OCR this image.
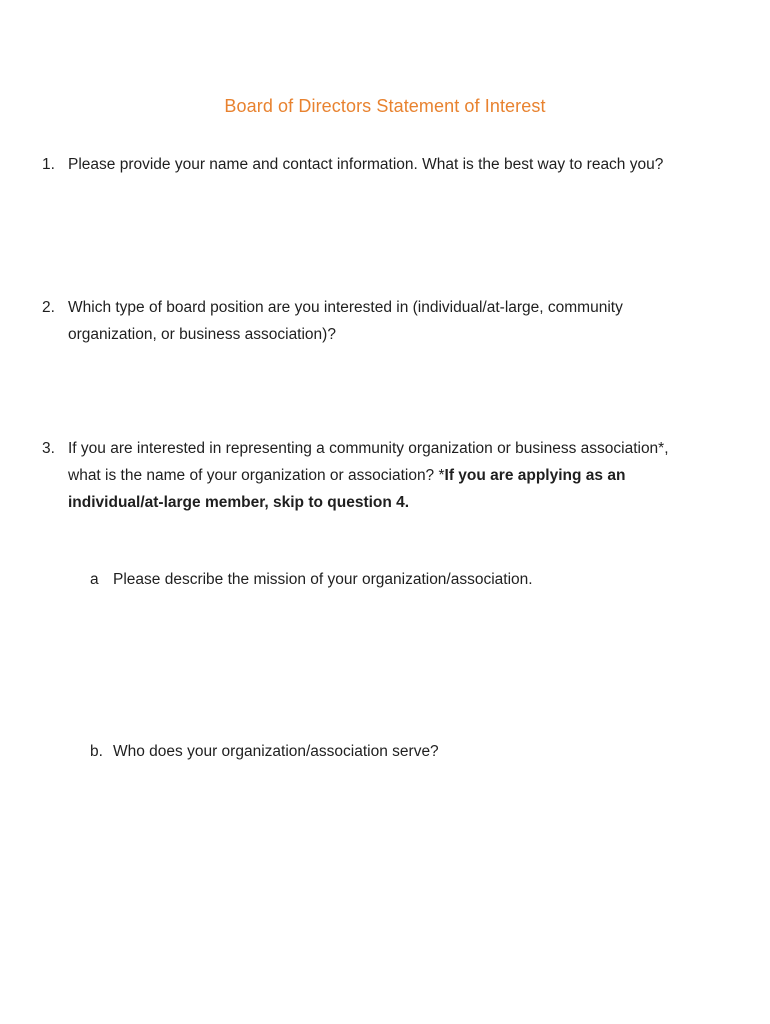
Board of Directors Statement of Interest
1. Please provide your name and contact information. What is the best way to reach you?
2. Which type of board position are you interested in (individual/at-large, community organization, or business association)?
3. If you are interested in representing a community organization or business association*, what is the name of your organization or association? *If you are applying as an individual/at-large member, skip to question 4.
a Please describe the mission of your organization/association.
b. Who does your organization/association serve?
